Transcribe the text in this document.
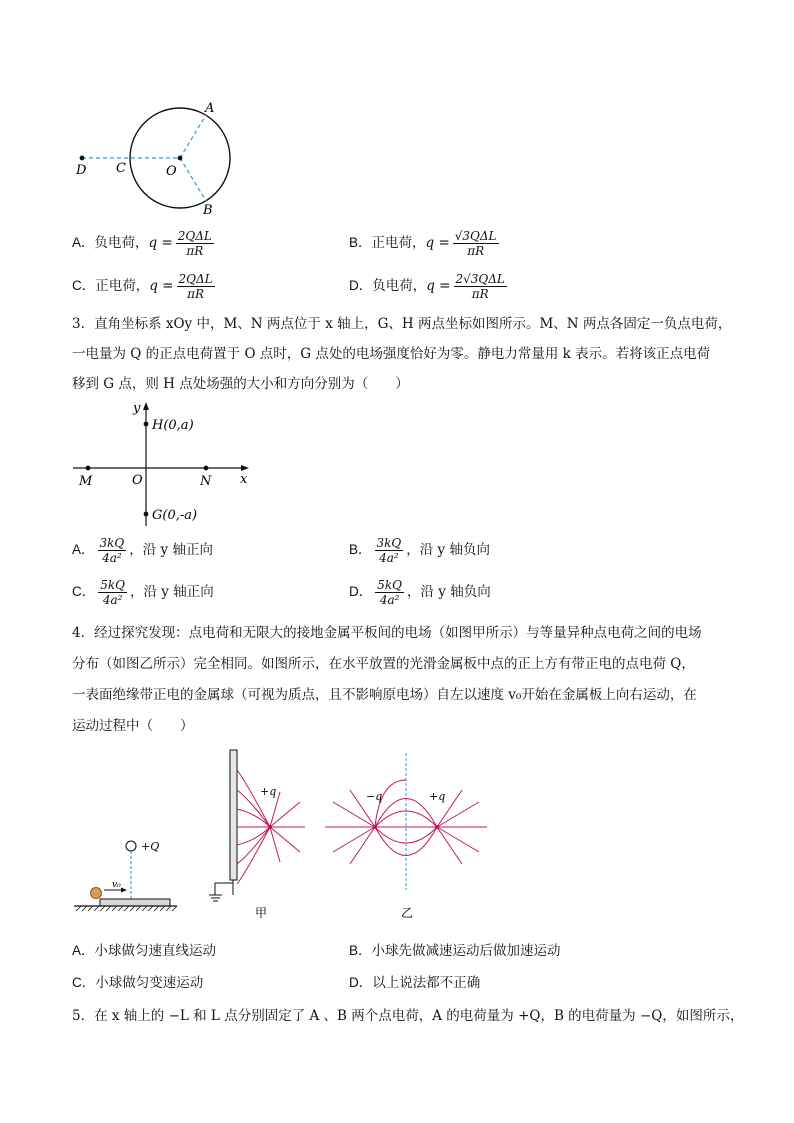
A
B
C
D	O
A．负电荷，$q = \frac{\text{2QΔL}}{\pi R}$	B．正电荷，$q = \frac{\text{√3QΔL}}{\pi R}$
C．正电荷，$q = \frac{\text{2QΔL}}{\pi R}$	D．负电荷，$q = \frac{\text{2√3QΔL}}{\pi R}$
3．直角坐标系 xOy 中，M、N 两点位于 x 轴上，G、H 两点坐标如图所示。M、N 两点各固定一负点电荷，
一电量为 Q 的正点电荷置于 O 点时，G 点处的电场强度恰好为零。静电力常量用 k 表示。若将该正点电荷
移到 G 点，则 H 点处场强的大小和方向分别为（　　）
y
x
O
M	N
H(0,a)
G(0,-a)
A． $\frac{3kQ}{\text{4a²}}$ ，沿 y 轴正向	B． $\frac{3kQ}{\text{4a²}}$ ，沿 y 轴负向
C． $\frac{5kQ}{\text{4a²}}$ ，沿 y 轴正向	D． $\frac{5kQ}{\text{4a²}}$ ，沿 y 轴负向
4．经过探究发现：点电荷和无限大的接地金属平板间的电场（如图甲所示）与等量异种点电荷之间的电场
分布（如图乙所示）完全相同。如图所示，在水平放置的光滑金属板中点的正上方有带正电的点电荷 Q，
一表面绝缘带正电的金属球（可视为质点，且不影响原电场）自左以速度 v₀开始在金属板上向右运动，在
运动过程中（　　）
+Q
v₀
+q
甲
−q	+q
乙
A．小球做匀速直线运动	B．小球先做减速运动后做加速运动
C．小球做匀变速运动	D．以上说法都不正确
5．在 x 轴上的 −L 和 L 点分别固定了 A 、B 两个点电荷，A 的电荷量为 +Q，B 的电荷量为 −Q，如图所示，
